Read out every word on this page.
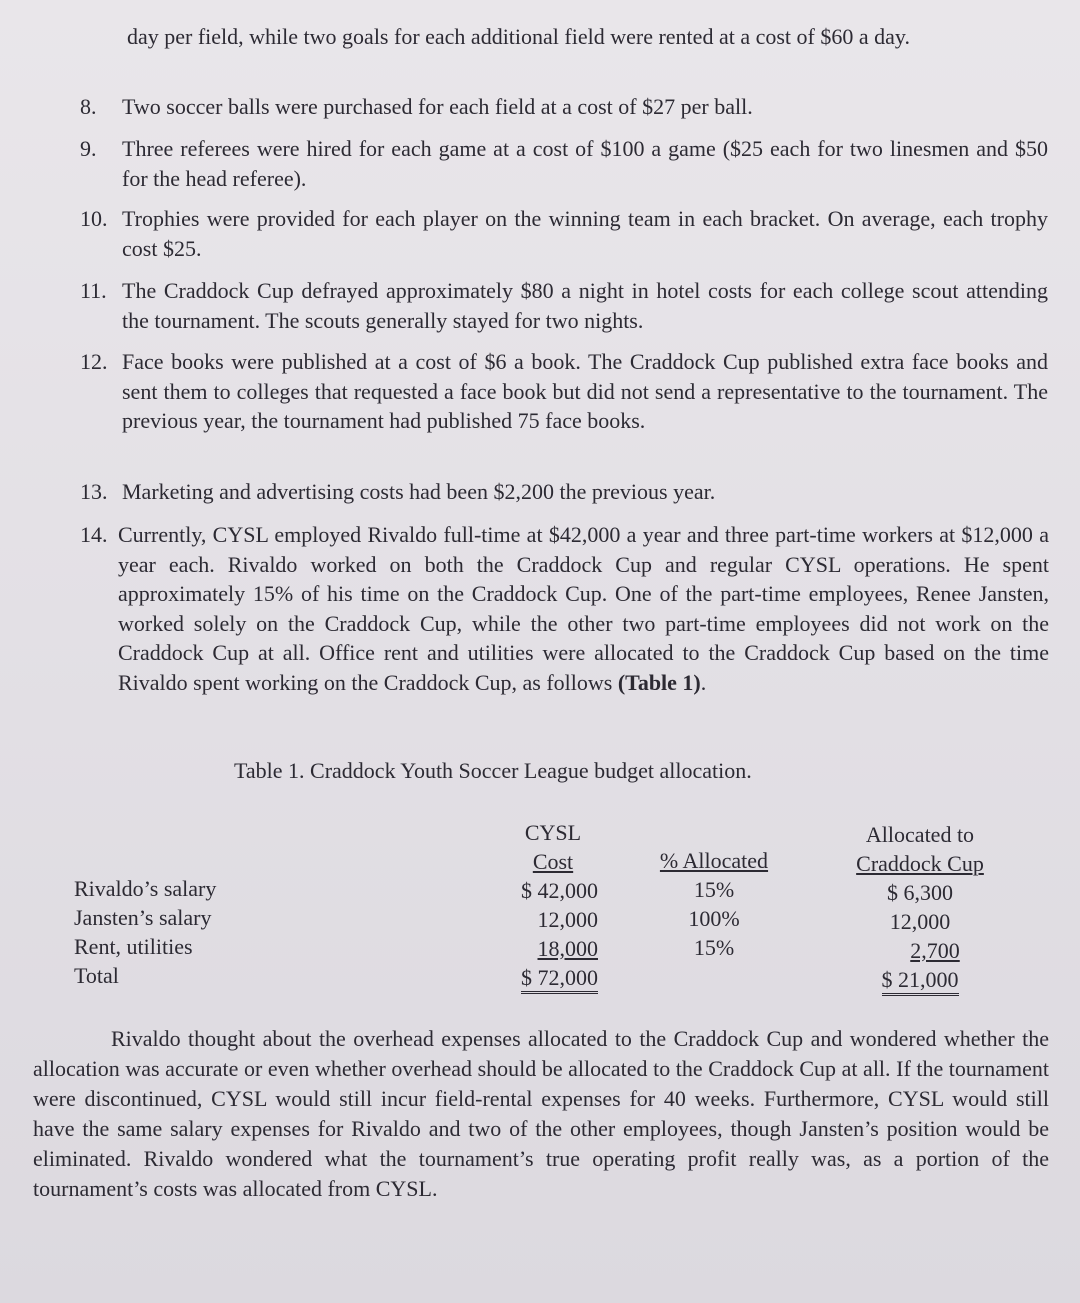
day per field, while two goals for each additional field were rented at a cost of $60 a day.
8.	Two soccer balls were purchased for each field at a cost of $27 per ball.
9.	Three referees were hired for each game at a cost of $100 a game ($25 each for two linesmen and $50 for the head referee).
10. Trophies were provided for each player on the winning team in each bracket. On average, each trophy cost $25.
11. The Craddock Cup defrayed approximately $80 a night in hotel costs for each college scout attending the tournament. The scouts generally stayed for two nights.
12. Face books were published at a cost of $6 a book. The Craddock Cup published extra face books and sent them to colleges that requested a face book but did not send a representative to the tournament. The previous year, the tournament had published 75 face books.
13. Marketing and advertising costs had been $2,200 the previous year.
14. Currently, CYSL employed Rivaldo full-time at $42,000 a year and three part-time workers at $12,000 a year each. Rivaldo worked on both the Craddock Cup and regular CYSL operations. He spent approximately 15% of his time on the Craddock Cup. One of the part-time employees, Renee Jansten, worked solely on the Craddock Cup, while the other two part-time employees did not work on the Craddock Cup at all. Office rent and utilities were allocated to the Craddock Cup based on the time Rivaldo spent working on the Craddock Cup, as follows (Table 1).
Table 1. Craddock Youth Soccer League budget allocation.
Rivaldo’s salary
Jansten’s salary
Rent, utilities
Total
CYSL
Cost
$ 42,000
12,000
18,000
$ 72,000
% Allocated
15%
100%
15%
Allocated to
Craddock Cup
$ 6,300
12,000
2,700
$ 21,000
Rivaldo thought about the overhead expenses allocated to the Craddock Cup and wondered whether the allocation was accurate or even whether overhead should be allocated to the Craddock Cup at all. If the tournament were discontinued, CYSL would still incur field-rental expenses for 40 weeks. Furthermore, CYSL would still have the same salary expenses for Rivaldo and two of the other employees, though Jansten’s position would be eliminated. Rivaldo wondered what the tournament’s true operating profit really was, as a portion of the tournament’s costs was allocated from CYSL.
